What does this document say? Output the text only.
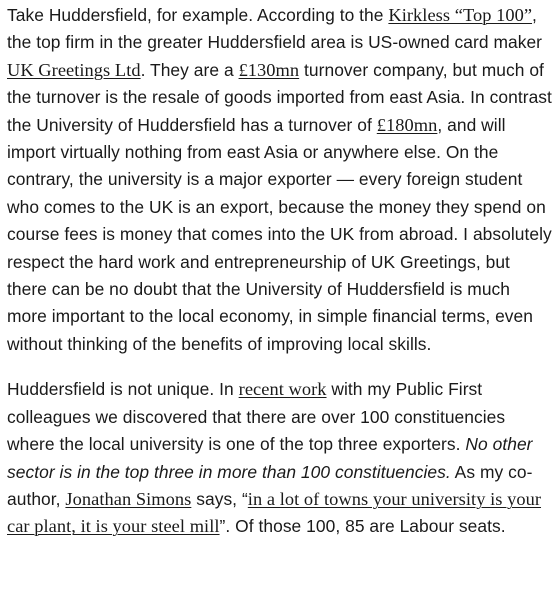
Take Huddersfield, for example. According to the Kirkless “Top 100”, the top firm in the greater Huddersfield area is US-owned card maker UK Greetings Ltd. They are a £130mn turnover company, but much of the turnover is the resale of goods imported from east Asia. In contrast the University of Huddersfield has a turnover of £180mn, and will import virtually nothing from east Asia or anywhere else. On the contrary, the university is a major exporter — every foreign student who comes to the UK is an export, because the money they spend on course fees is money that comes into the UK from abroad. I absolutely respect the hard work and entrepreneurship of UK Greetings, but there can be no doubt that the University of Huddersfield is much more important to the local economy, in simple financial terms, even without thinking of the benefits of improving local skills.

Huddersfield is not unique. In recent work with my Public First colleagues we discovered that there are over 100 constituencies where the local university is one of the top three exporters. No other sector is in the top three in more than 100 constituencies. As my co-author, Jonathan Simons says, “in a lot of towns your university is your car plant, it is your steel mill”. Of those 100, 85 are Labour seats.
